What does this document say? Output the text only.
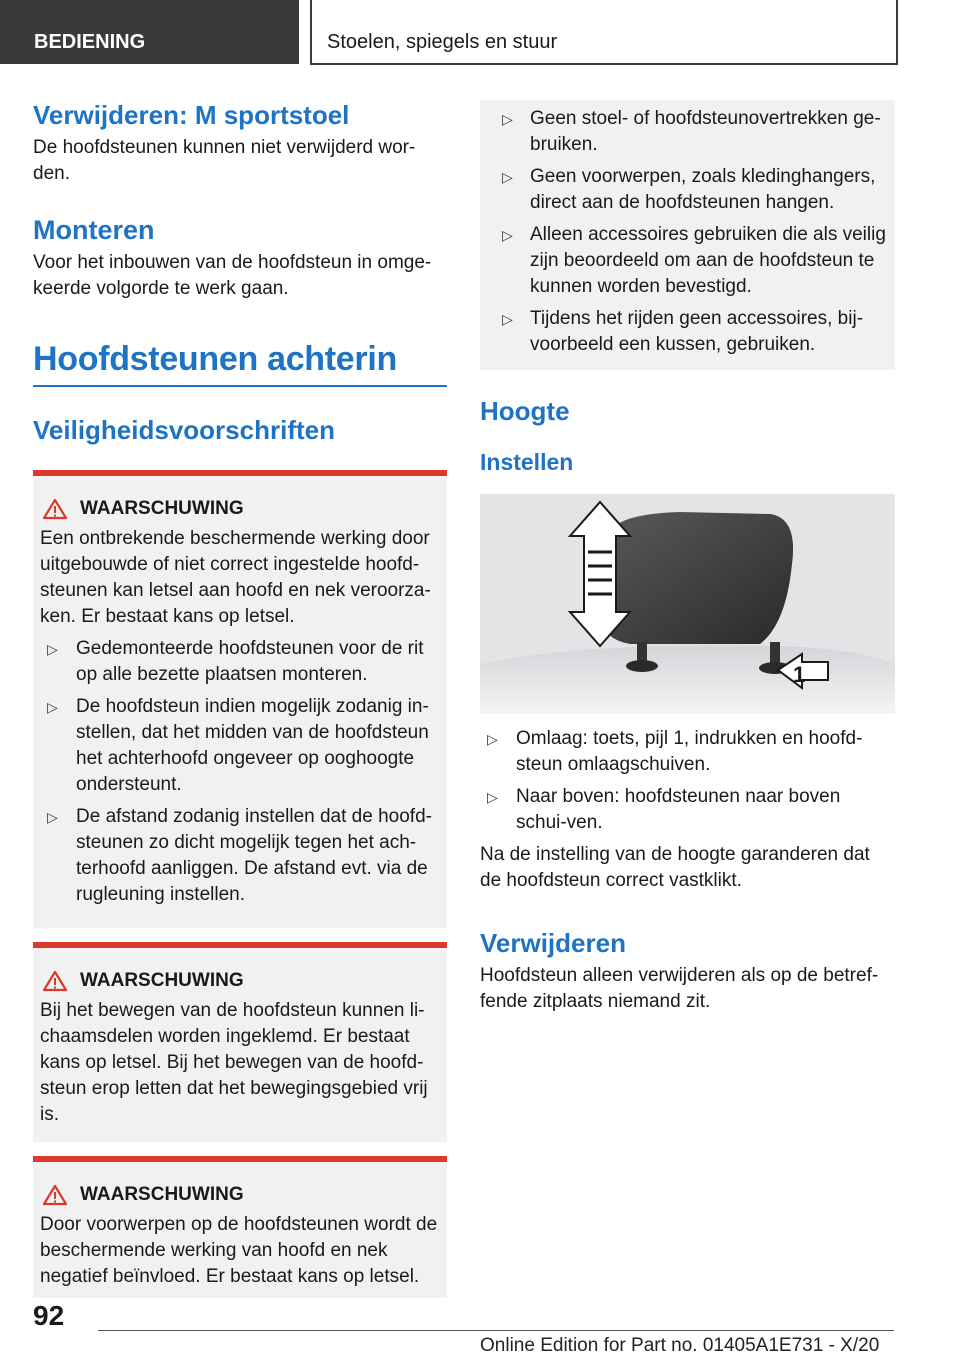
BEDIENING	Stoelen, spiegels en stuur
Verwijderen: M sportstoel

De hoofdsteunen kunnen niet verwijderd wor-den.

Monteren

Voor het inbouwen van de hoofdsteun in omge-keerde volgorde te werk gaan.

Hoofdsteunen achterin
Veiligheidsvoorschriften
WAARSCHUWING

Een ontbrekende beschermende werking door uitgebouwde of niet correct ingestelde hoofd-steunen kan letsel aan hoofd en nek veroorza-ken. Er bestaat kans op letsel.

▷ Gedemonteerde hoofdsteunen voor de rit op alle bezette plaatsen monteren.
▷ De hoofdsteun indien mogelijk zodanig in-stellen, dat het midden van de hoofdsteun het achterhoofd ongeveer op ooghoogte ondersteunt.
▷ De afstand zodanig instellen dat de hoofd-steunen zo dicht mogelijk tegen het ach-terhoofd aanliggen. De afstand evt. via de rugleuning instellen.
WAARSCHUWING

Bij het bewegen van de hoofdsteun kunnen li-chaamsdelen worden ingeklemd. Er bestaat kans op letsel. Bij het bewegen van de hoofd-steun erop letten dat het bewegingsgebied vrij is.

WAARSCHUWING

Door voorwerpen op de hoofdsteunen wordt de beschermende werking van hoofd en nek negatief beïnvloed. Er bestaat kans op letsel.

▷ Geen stoel- of hoofdsteunovertrekken ge-bruiken.
▷ Geen voorwerpen, zoals kledinghangers, direct aan de hoofdsteunen hangen.
▷ Alleen accessoires gebruiken die als veilig zijn beoordeeld om aan de hoofdsteun te kunnen worden bevestigd.
▷ Tijdens het rijden geen accessoires, bij-voorbeeld een kussen, gebruiken.
Hoogte
Instellen
1
▷ Omlaag: toets, pijl 1, indrukken en hoofd-steun omlaagschuiven.
▷ Naar boven: hoofdsteunen naar boven schui-ven.

Na de instelling van de hoogte garanderen dat de hoofdsteun correct vastklikt.

Verwijderen

Hoofdsteun alleen verwijderen als op de betref-fende zitplaats niemand zit.

92
Online Edition for Part no. 01405A1E731 - X/20
